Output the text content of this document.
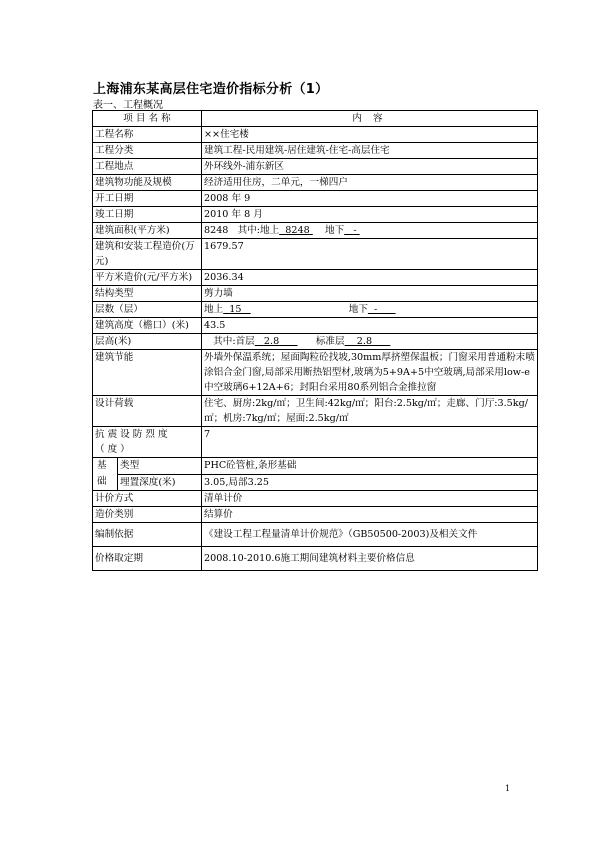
上海浦东某高层住宅造价指标分析（1）
表一、工程概况
项 目 名 称		内 容
工程名称		××住宅楼
工程分类		建筑工程-民用建筑-居住建筑-住宅-高层住宅
工程地点		外环线外-浦东新区
建筑物功能及规模		经济适用住房，二单元，一梯四户
开工日期		2008 年 9
竣工日期		2010 年 8 月
建筑面积(平方米)		8248 其中:地上 8248 地下 -
建筑和安装工程造价(万元)		1679.57
平方米造价(元/平方米)		2036.34
结构类型		剪力墙
层数（层）		地上 15 地下 -
建筑高度（檐口）(米)		43.5
层高(米)		其中:首层 2.8 标准层 2.8
建筑节能		外墙外保温系统；屋面陶粒砼找坡,30mm厚挤塑保温板；门窗采用普通粉末喷涂铝合金门窗,局部采用断热铝型材,玻璃为5+9A+5中空玻璃,局部采用low-e中空玻璃6+12A+6；封阳台采用80系列铝合金推拉窗
设计荷载		住宅、厨房:2kg/㎡；卫生间:42kg/㎡；阳台:2.5kg/㎡；走廊、门厅:3.5kg/㎡；机房:7kg/㎡；屋面:2.5kg/㎡
抗震设防烈度（度）		7
基础	类型	PHC砼管桩,条形基础
	埋置深度(米)	3.05,局部3.25
计价方式		清单计价
造价类别		结算价
编制依据		《建设工程工程量清单计价规范》（GB50500-2003)及相关文件
价格取定期		2008.10-2010.6施工期间建筑材料主要价格信息
1
